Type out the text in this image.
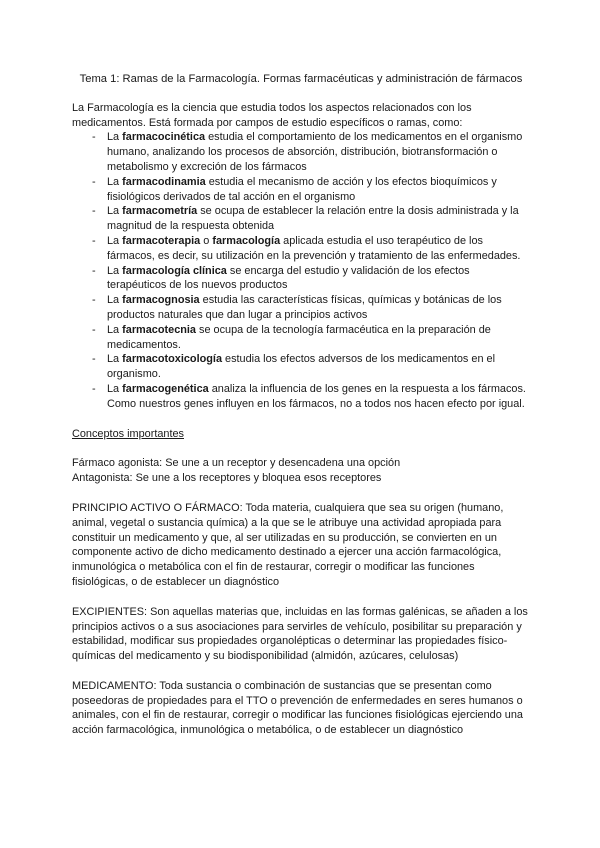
Tema 1: Ramas de la Farmacología. Formas farmacéuticas y administración de fármacos

La Farmacología es la ciencia que estudia todos los aspectos relacionados con los medicamentos. Está formada por campos de estudio específicos o ramas, como:

- La farmacocinética estudia el comportamiento de los medicamentos en el organismo humano, analizando los procesos de absorción, distribución, biotransformación o metabolismo y excreción de los fármacos
- La farmacodinamia estudia el mecanismo de acción y los efectos bioquímicos y fisiológicos derivados de tal acción en el organismo
- La farmacometría se ocupa de establecer la relación entre la dosis administrada y la magnitud de la respuesta obtenida
- La farmacoterapia o farmacología aplicada estudia el uso terapéutico de los fármacos, es decir, su utilización en la prevención y tratamiento de las enfermedades.
- La farmacología clínica se encarga del estudio y validación de los efectos terapéuticos de los nuevos productos
- La farmacognosia estudia las características físicas, químicas y botánicas de los productos naturales que dan lugar a principios activos
- La farmacotecnia se ocupa de la tecnología farmacéutica en la preparación de medicamentos.
- La farmacotoxicología estudia los efectos adversos de los medicamentos en el organismo.
- La farmacogenética analiza la influencia de los genes en la respuesta a los fármacos. Como nuestros genes influyen en los fármacos, no a todos nos hacen efecto por igual.

Conceptos importantes

Fármaco agonista: Se une a un receptor y desencadena una opción

Antagonista: Se une a los receptores y bloquea esos receptores

PRINCIPIO ACTIVO O FÁRMACO: Toda materia, cualquiera que sea su origen (humano, animal, vegetal o sustancia química) a la que se le atribuye una actividad apropiada para constituir un medicamento y que, al ser utilizadas en su producción, se convierten en un componente activo de dicho medicamento destinado a ejercer una acción farmacológica, inmunológica o metabólica con el fin de restaurar, corregir o modificar las funciones fisiológicas, o de establecer un diagnóstico

EXCIPIENTES: Son aquellas materias que, incluidas en las formas galénicas, se añaden a los principios activos o a sus asociaciones para servirles de vehículo, posibilitar su preparación y estabilidad, modificar sus propiedades organolépticas o determinar las propiedades físico-químicas del medicamento y su biodisponibilidad (almidón, azúcares, celulosas)

MEDICAMENTO: Toda sustancia o combinación de sustancias que se presentan como poseedoras de propiedades para el TTO o prevención de enfermedades en seres humanos o animales, con el fin de restaurar, corregir o modificar las funciones fisiológicas ejerciendo una acción farmacológica, inmunológica o metabólica, o de establecer un diagnóstico
